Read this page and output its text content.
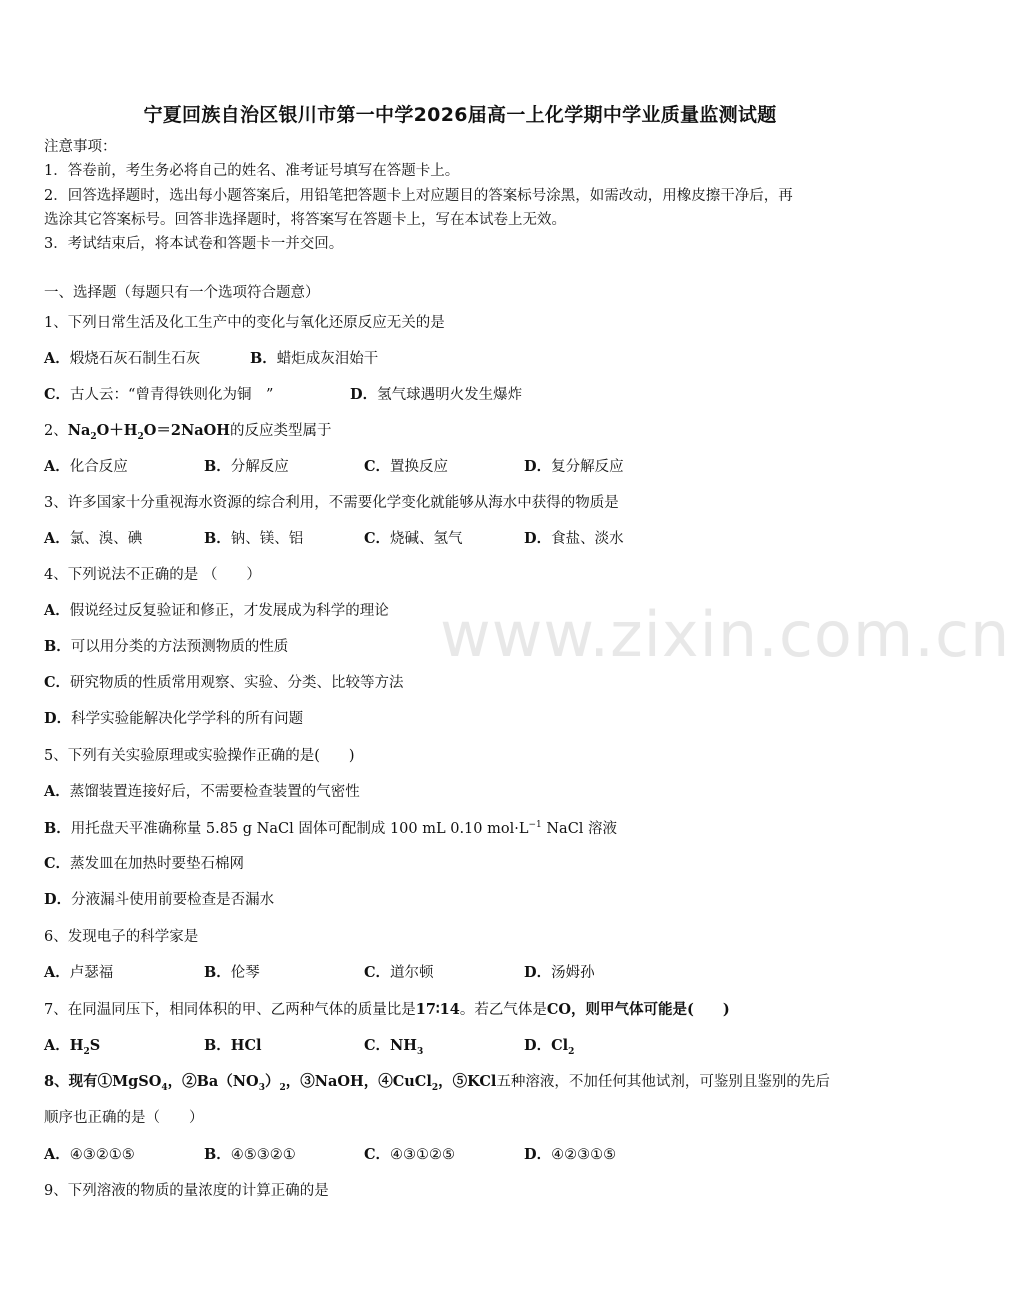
宁夏回族自治区银川市第一中学2026届高一上化学期中学业质量监测试题
注意事项：
1．答卷前，考生务必将自己的姓名、准考证号填写在答题卡上。
2．回答选择题时，选出每小题答案后，用铅笔把答题卡上对应题目的答案标号涂黑，如需改动，用橡皮擦干净后，再
选涂其它答案标号。回答非选择题时，将答案写在答题卡上，写在本试卷上无效。
3．考试结束后，将本试卷和答题卡一并交回。
一、选择题（每题只有一个选项符合题意）
1、下列日常生活及化工生产中的变化与氧化还原反应无关的是
A．煅烧石灰石制生石灰	B．蜡炬成灰泪始干
C．古人云：“曾青得铁则化为铜　”	D．氢气球遇明火发生爆炸
2、$Na_2O+H_2O=2NaOH$的反应类型属于
A．化合反应	B．分解反应	C．置换反应	D．复分解反应
3、许多国家十分重视海水资源的综合利用，不需要化学变化就能够从海水中获得的物质是
A．氯、溴、碘	B．钠、镁、铝	C．烧碱、氢气	D．食盐、淡水
4、下列说法不正确的是 （　　）
A．假说经过反复验证和修正，才发展成为科学的理论
B．可以用分类的方法预测物质的性质
C．研究物质的性质常用观察、实验、分类、比较等方法
D．科学实验能解决化学学科的所有问题
5、下列有关实验原理或实验操作正确的是(　　)
A．蒸馏装置连接好后，不需要检查装置的气密性
B．用托盘天平准确称量 5.85 g NaCl 固体可配制成 100 mL 0.10 $mol\cdot L^{-1}$ NaCl 溶液
C．蒸发皿在加热时要垫石棉网
D．分液漏斗使用前要检查是否漏水
6、发现电子的科学家是
A．卢瑟福	B．伦琴	C．道尔顿	D．汤姆孙
7、在同温同压下，相同体积的甲、乙两种气体的质量比是17∶14。若乙气体是CO，则甲气体可能是(　　)
A．$H_2S$	B．HCl	C．$NH_3$	D．$Cl_2$
8、现有①MgSO$_4$，$②Ba(NO_3)_2$，③NaOH，④CuCl$_2$，⑤KCl五种溶液，不加任何其他试剂，可鉴别且鉴别的先后
顺序也正确的是（　　）
A．④③②①⑤	B．④⑤③②①	C．④③①②⑤	D．④②③①⑤
9、下列溶液的物质的量浓度的计算正确的是
www.zixin.com.cn
